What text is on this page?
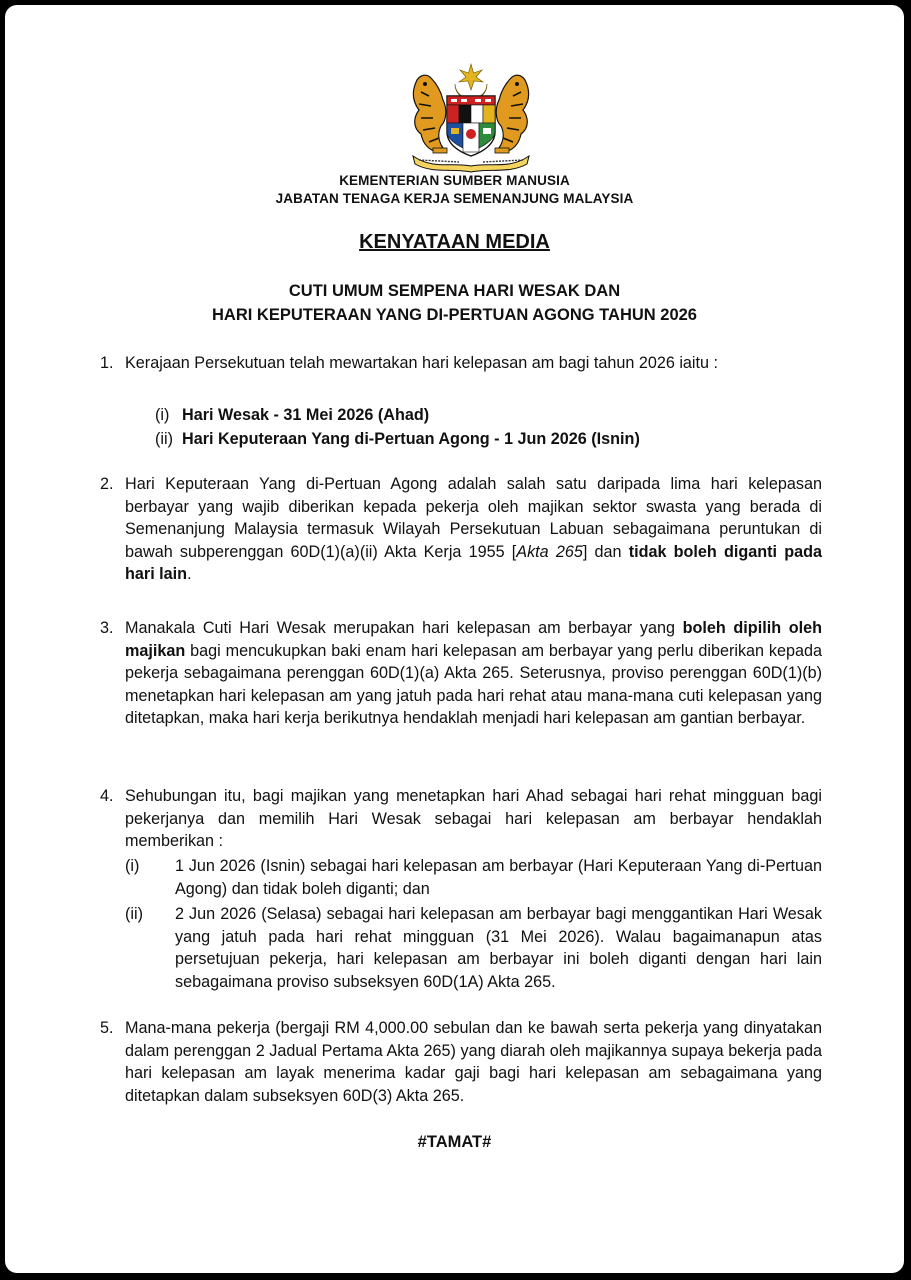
KEMENTERIAN SUMBER MANUSIA
JABATAN TENAGA KERJA SEMENANJUNG MALAYSIA
KENYATAAN MEDIA
CUTI UMUM SEMPENA HARI WESAK DAN
HARI KEPUTERAAN YANG DI-PERTUAN AGONG TAHUN 2026
1. Kerajaan Persekutuan telah mewartakan hari kelepasan am bagi tahun 2026 iaitu :
(i) Hari Wesak - 31 Mei 2026 (Ahad)
(ii) Hari Keputeraan Yang di-Pertuan Agong - 1 Jun 2026 (Isnin)
2. Hari Keputeraan Yang di-Pertuan Agong adalah salah satu daripada lima hari kelepasan berbayar yang wajib diberikan kepada pekerja oleh majikan sektor swasta yang berada di Semenanjung Malaysia termasuk Wilayah Persekutuan Labuan sebagaimana peruntukan di bawah subperenggan 60D(1)(a)(ii) Akta Kerja 1955 [Akta 265] dan tidak boleh diganti pada hari lain.
3. Manakala Cuti Hari Wesak merupakan hari kelepasan am berbayar yang boleh dipilih oleh majikan bagi mencukupkan baki enam hari kelepasan am berbayar yang perlu diberikan kepada pekerja sebagaimana perenggan 60D(1)(a) Akta 265. Seterusnya, proviso perenggan 60D(1)(b) menetapkan hari kelepasan am yang jatuh pada hari rehat atau mana-mana cuti kelepasan yang ditetapkan, maka hari kerja berikutnya hendaklah menjadi hari kelepasan am gantian berbayar.
4. Sehubungan itu, bagi majikan yang menetapkan hari Ahad sebagai hari rehat mingguan bagi pekerjanya dan memilih Hari Wesak sebagai hari kelepasan am berbayar hendaklah memberikan :
(i) 1 Jun 2026 (Isnin) sebagai hari kelepasan am berbayar (Hari Keputeraan Yang di-Pertuan Agong) dan tidak boleh diganti; dan
(ii) 2 Jun 2026 (Selasa) sebagai hari kelepasan am berbayar bagi menggantikan Hari Wesak yang jatuh pada hari rehat mingguan (31 Mei 2026). Walau bagaimanapun atas persetujuan pekerja, hari kelepasan am berbayar ini boleh diganti dengan hari lain sebagaimana proviso subseksyen 60D(1A) Akta 265.
5. Mana-mana pekerja (bergaji RM 4,000.00 sebulan dan ke bawah serta pekerja yang dinyatakan dalam perenggan 2 Jadual Pertama Akta 265) yang diarah oleh majikannya supaya bekerja pada hari kelepasan am layak menerima kadar gaji bagi hari kelepasan am sebagaimana yang ditetapkan dalam subseksyen 60D(3) Akta 265.
#TAMAT#
